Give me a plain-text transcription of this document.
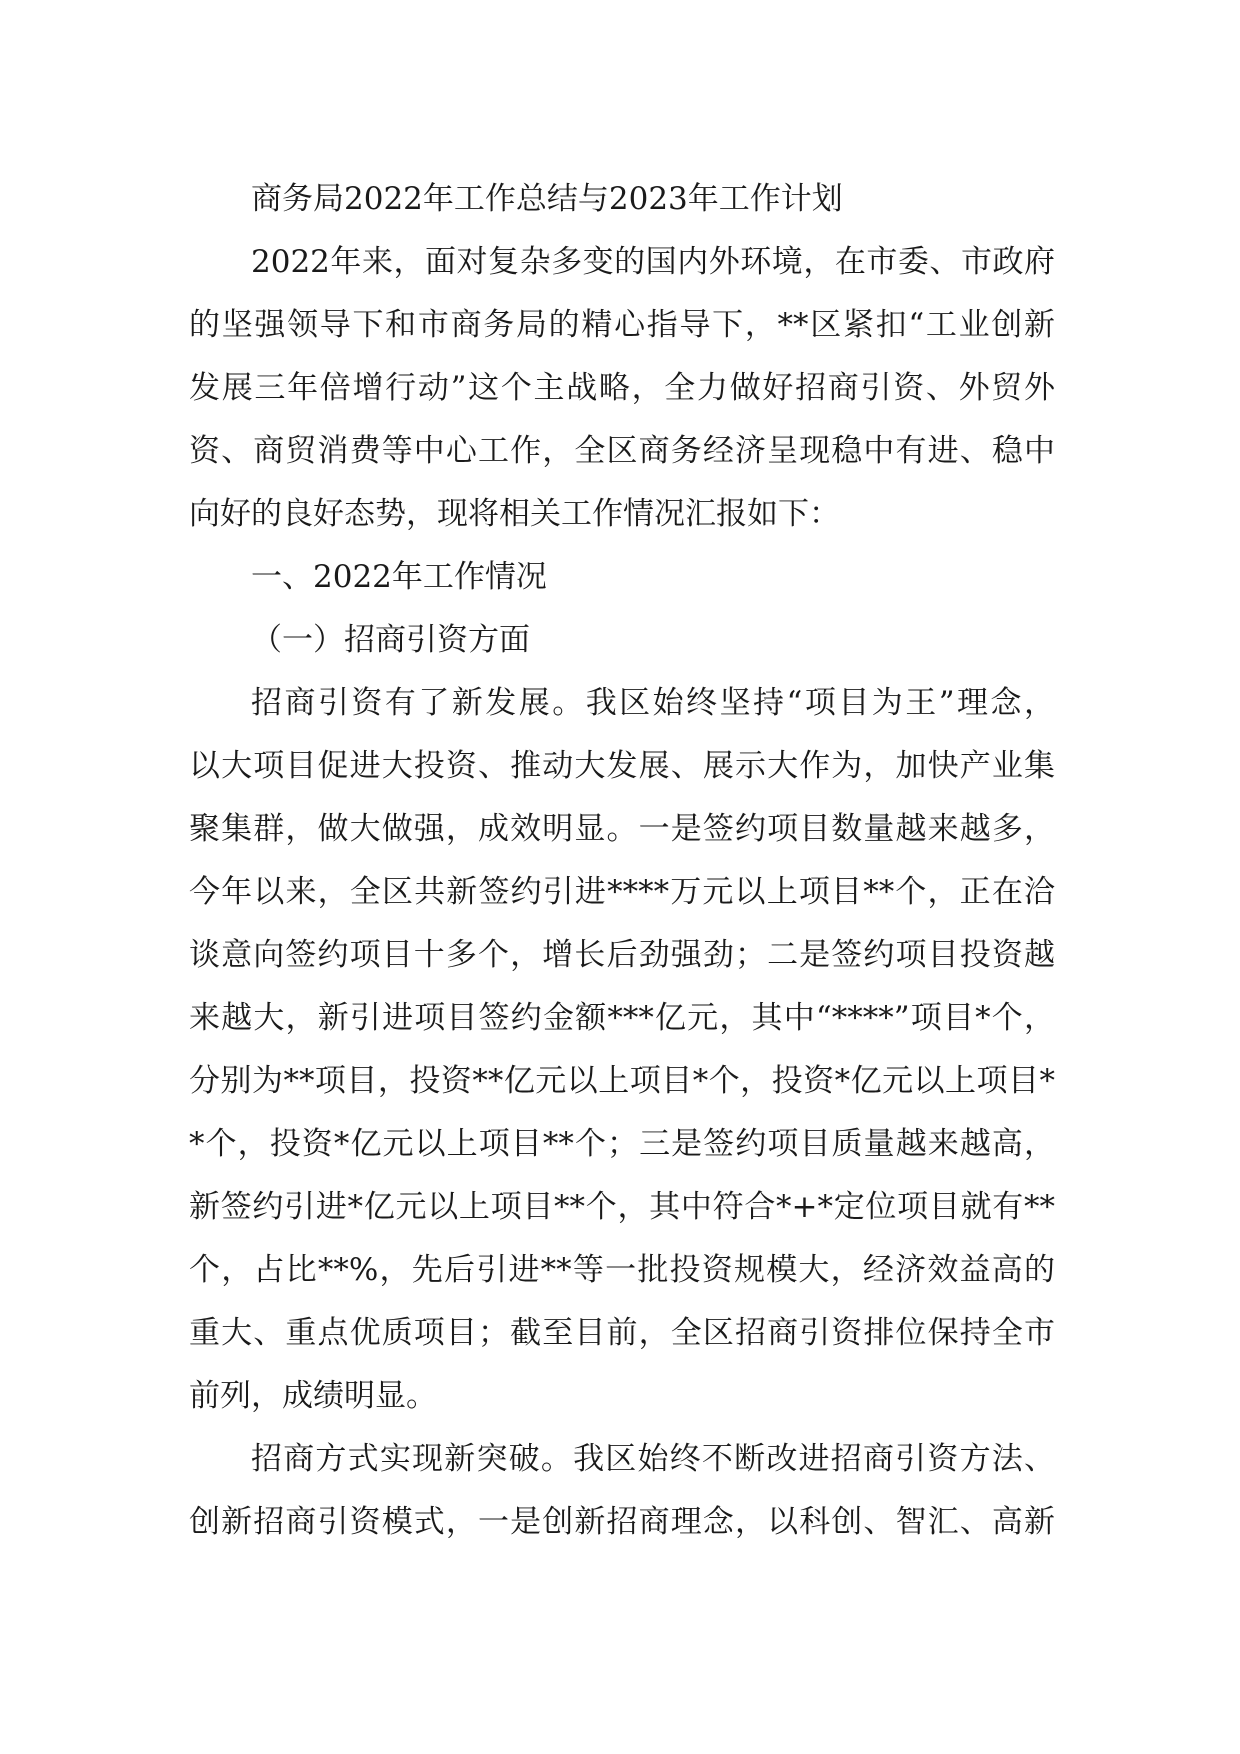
商务局2022年工作总结与2023年工作计划
2022年来，面对复杂多变的国内外环境，在市委、市政府
的坚强领导下和市商务局的精心指导下，**区紧扣“工业创新
发展三年倍增行动”这个主战略，全力做好招商引资、外贸外
资、商贸消费等中心工作，全区商务经济呈现稳中有进、稳中
向好的良好态势，现将相关工作情况汇报如下：
一、2022年工作情况
（一）招商引资方面
招商引资有了新发展。我区始终坚持“项目为王”理念，
以大项目促进大投资、推动大发展、展示大作为，加快产业集
聚集群，做大做强，成效明显。一是签约项目数量越来越多，
今年以来，全区共新签约引进****万元以上项目**个，正在洽
谈意向签约项目十多个，增长后劲强劲；二是签约项目投资越
来越大，新引进项目签约金额***亿元，其中“****”项目*个，
分别为**项目，投资**亿元以上项目*个，投资*亿元以上项目*
*个，投资*亿元以上项目**个；三是签约项目质量越来越高，
新签约引进*亿元以上项目**个，其中符合*+*定位项目就有**
个，占比**%，先后引进**等一批投资规模大，经济效益高的
重大、重点优质项目；截至目前，全区招商引资排位保持全市
前列，成绩明显。
招商方式实现新突破。我区始终不断改进招商引资方法、
创新招商引资模式，一是创新招商理念，以科创、智汇、高新
